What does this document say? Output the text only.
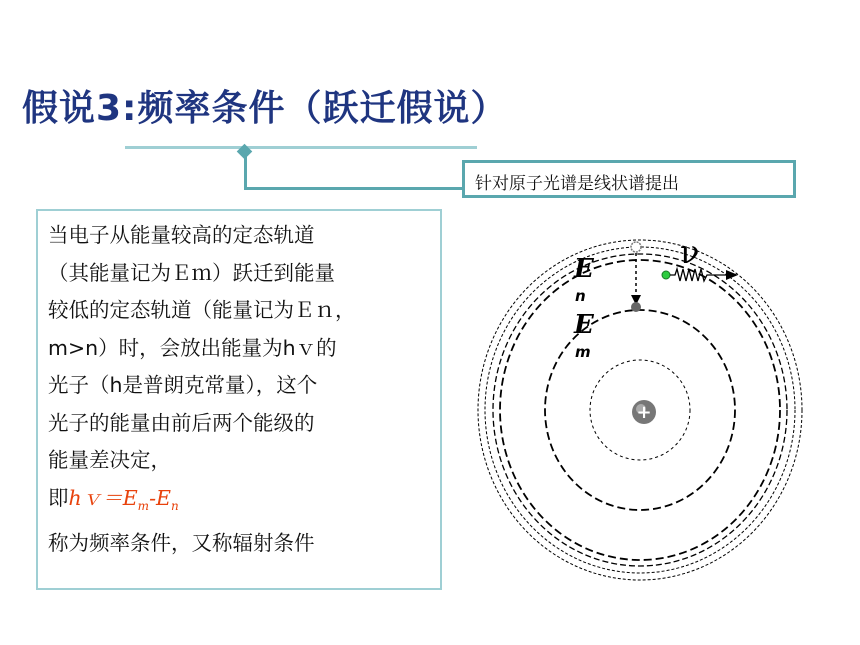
假说3:频率条件（跃迁假说）
针对原子光谱是线状谱提出
当电子从能量较高的定态轨道
（其能量记为Ｅｍ）跃迁到能量
较低的定态轨道（能量记为Ｅｎ，
m>n）时，会放出能量为hｖ的
光子（h是普朗克常量），这个
光子的能量由前后两个能级的
能量差决定，
即$hv=E_m-E_n$
称为频率条件，又称辐射条件
+
E
n
E
m
ν
